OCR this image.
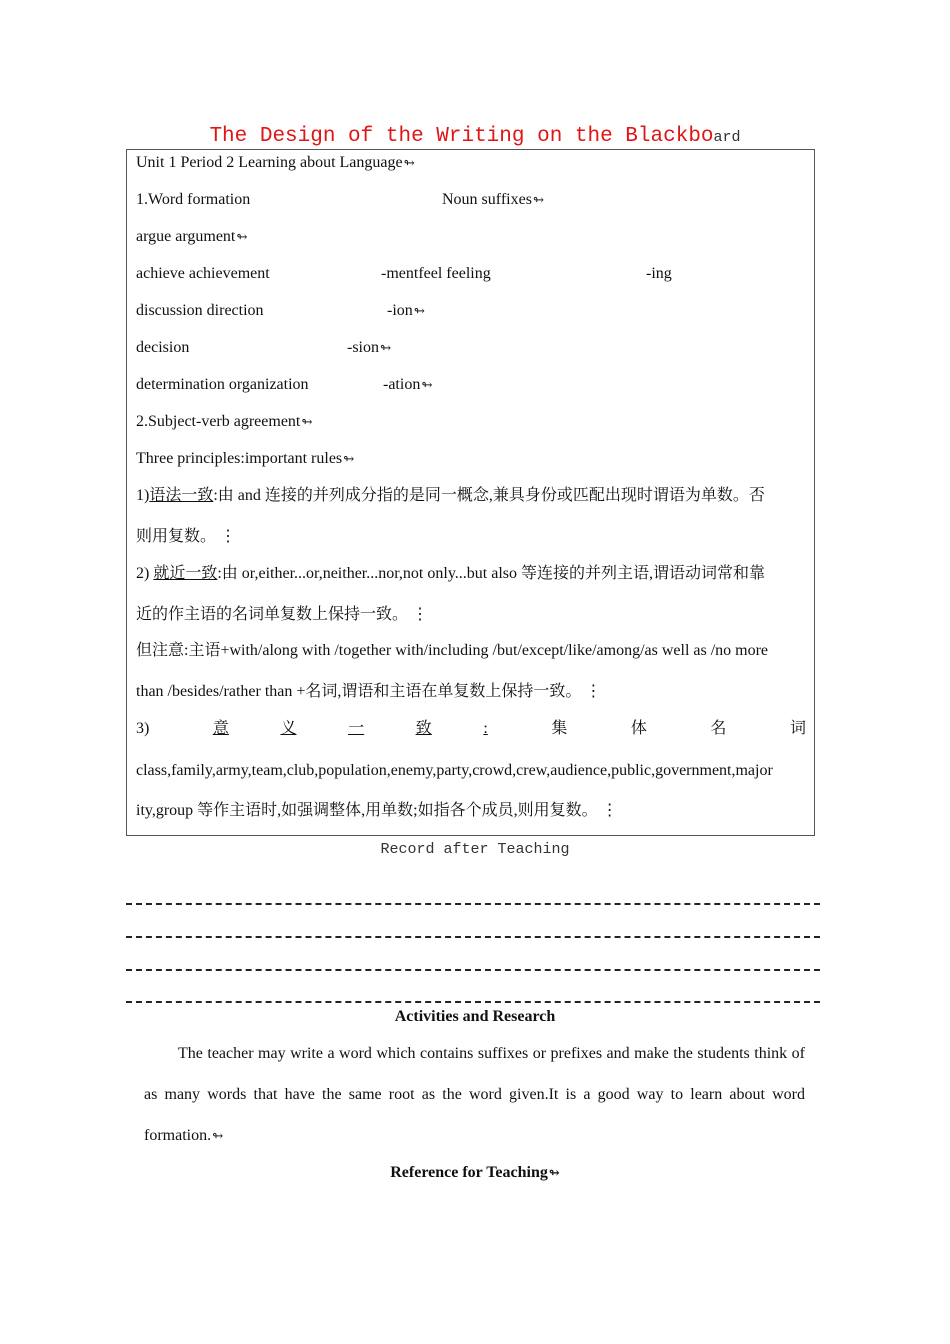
The Design of the Writing on the Blackboard
Unit 1 Period 2 Learning about Language↬
1.Word formation	Noun suffixes↬
argue argument↬
achieve achievement	-mentfeel feeling	-ing
discussion direction	-ion↬
decision	-sion↬
determination organization	-ation↬
2.Subject-verb agreement↬
Three principles:important rules↬
1)语法一致:由 and 连接的并列成分指的是同一概念,兼具身份或匹配出现时谓语为单数。否
则用复数。 ⋮
2) 就近一致:由 or,either...or,neither...nor,not only...but also 等连接的并列主语,谓语动词常和靠
近的作主语的名词单复数上保持一致。 ⋮
但注意:主语+with/along with /together with/including /but/except/like/among/as well as /no more
than /besides/rather than +名词,谓语和主语在单复数上保持一致。 ⋮
3)	意	义	一	致	:	集	体	名	词
class,family,army,team,club,population,enemy,party,crowd,crew,audience,public,government,major
ity,group 等作主语时,如强调整体,用单数;如指各个成员,则用复数。 ⋮
Record after Teaching
Activities and Research
The teacher may write a word which contains suffixes or prefixes and make the students think of as many words that have the same root as the word given.It is a good way to learn about word formation.↬
Reference for Teaching↬
